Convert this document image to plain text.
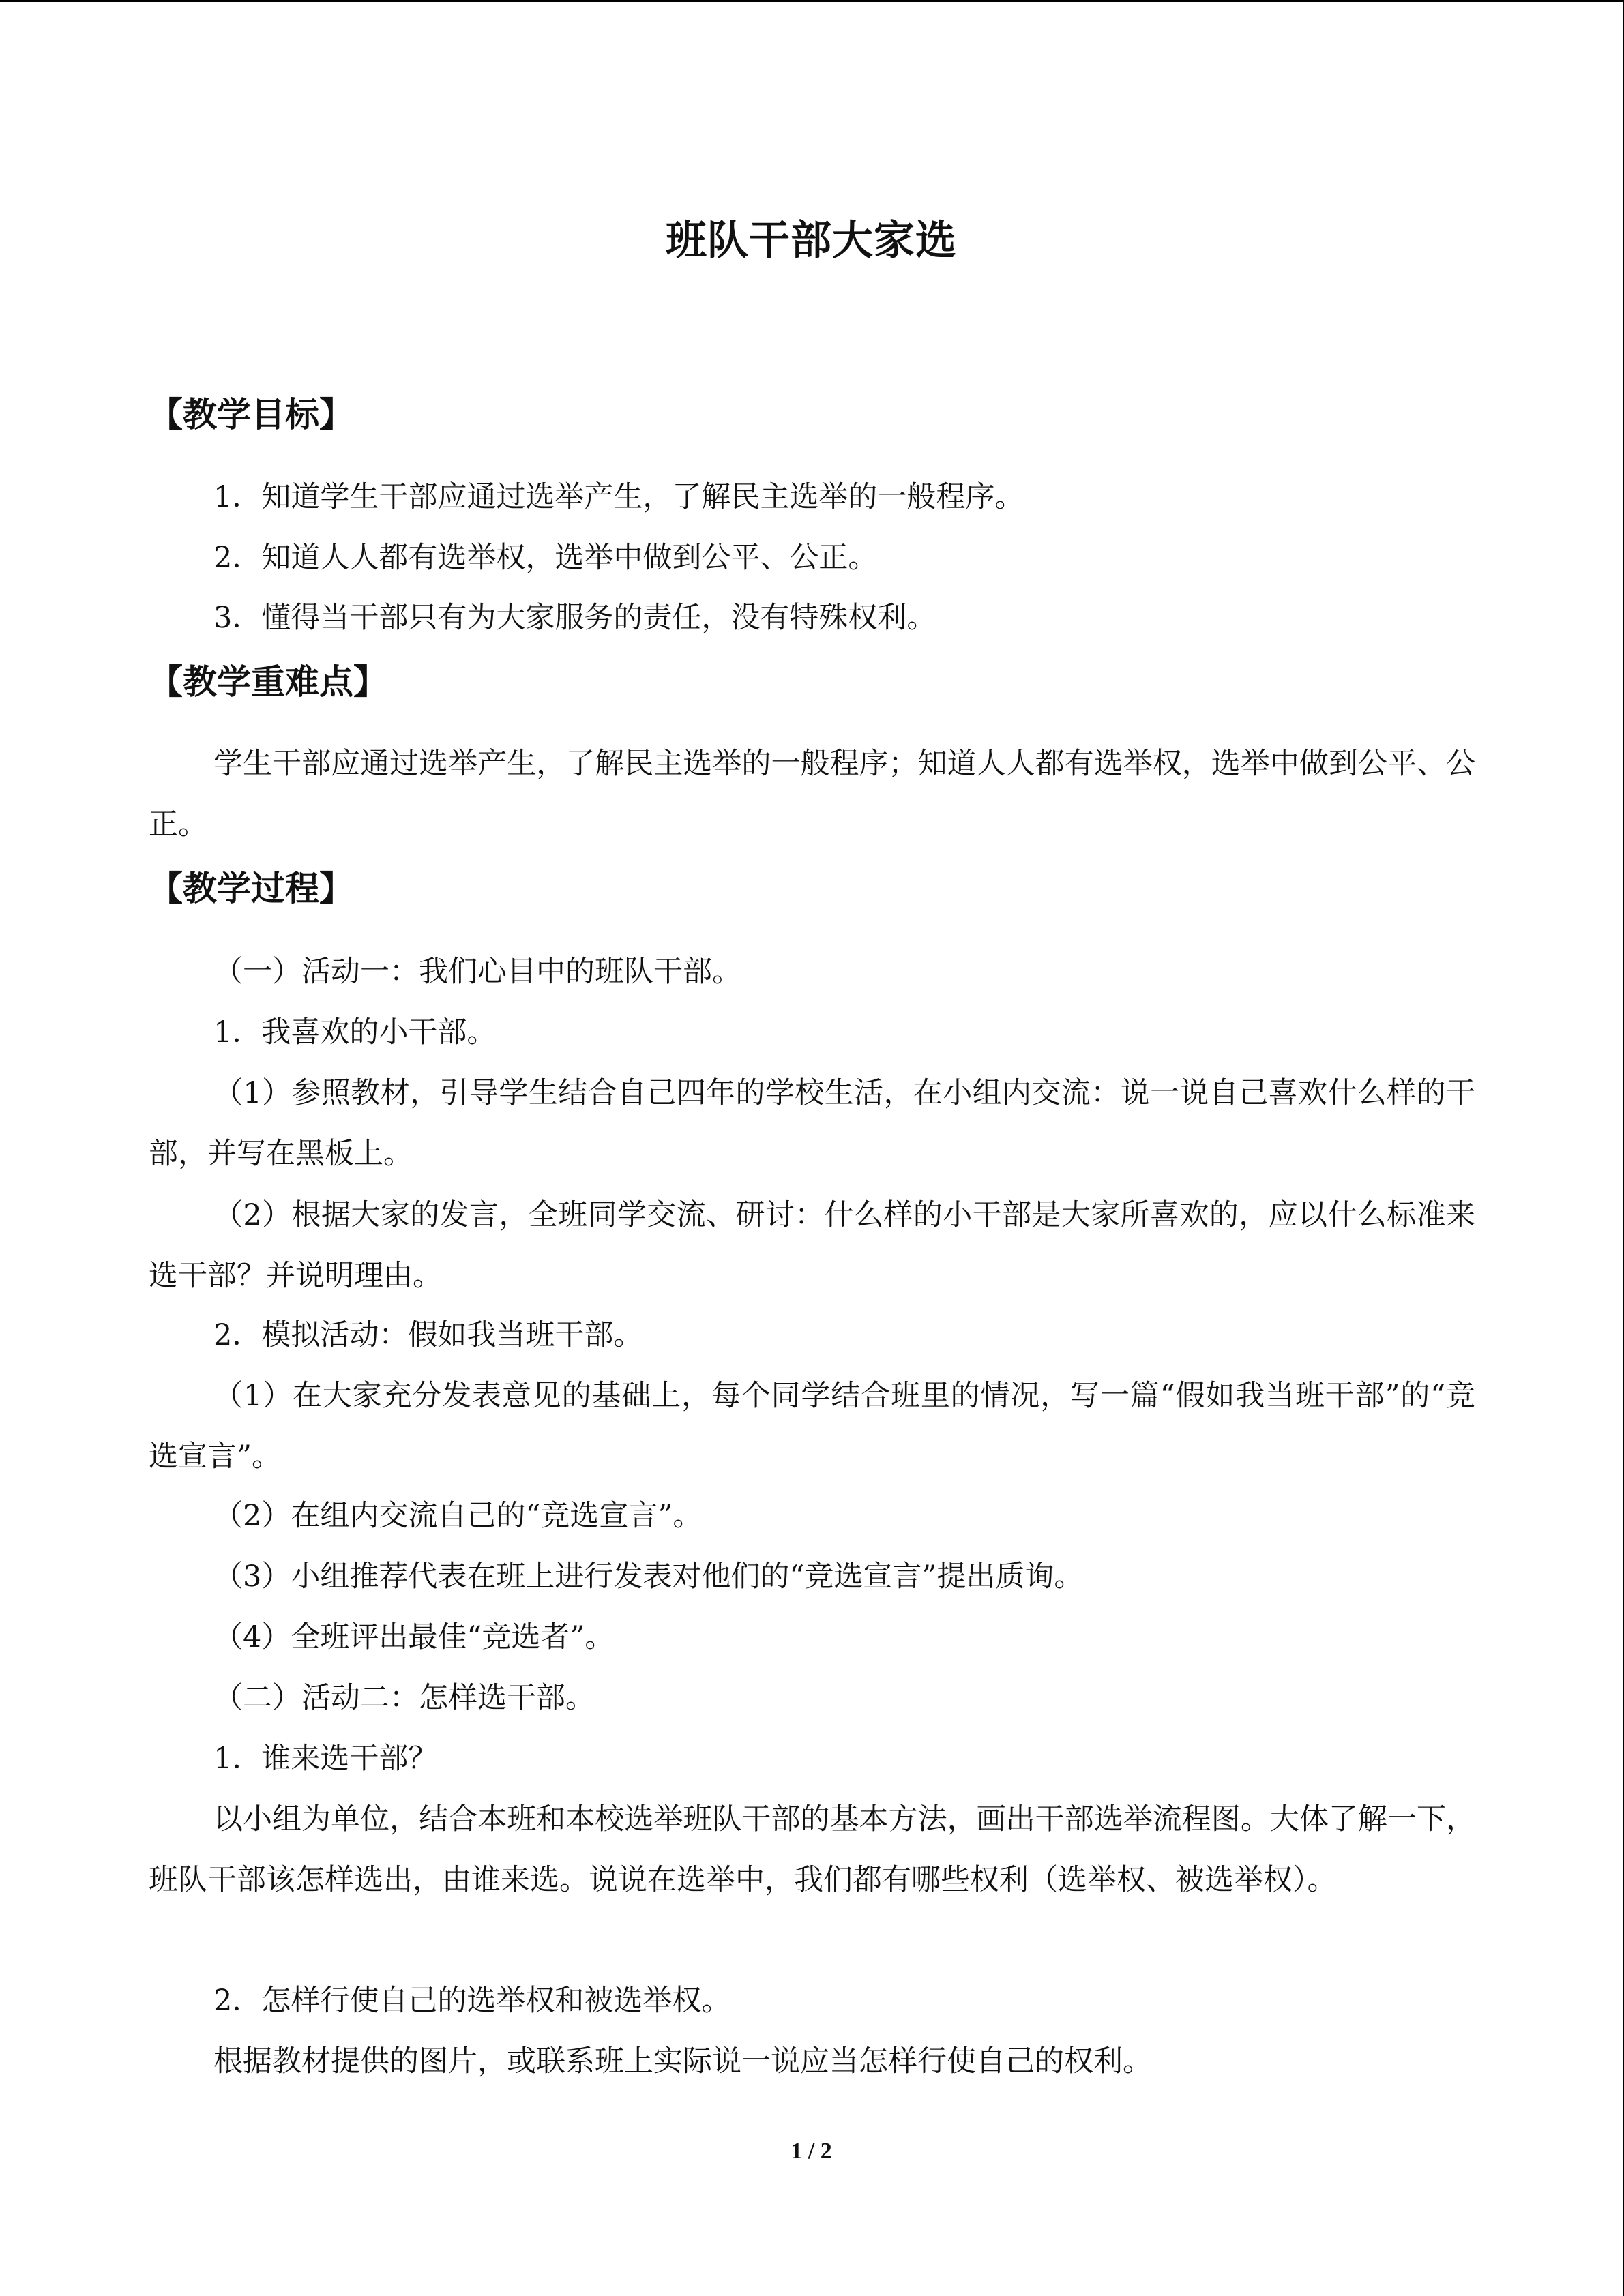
班队干部大家选
【教学目标】
1．知道学生干部应通过选举产生，了解民主选举的一般程序。
2．知道人人都有选举权，选举中做到公平、公正。
3．懂得当干部只有为大家服务的责任，没有特殊权利。
【教学重难点】
学生干部应通过选举产生，了解民主选举的一般程序；知道人人都有选举权，选举中做到公平、公正。
【教学过程】
（一）活动一：我们心目中的班队干部。
1．我喜欢的小干部。
（1）参照教材，引导学生结合自己四年的学校生活，在小组内交流：说一说自己喜欢什么样的干部，并写在黑板上。
（2）根据大家的发言，全班同学交流、研讨：什么样的小干部是大家所喜欢的，应以什么标准来选干部？并说明理由。
2．模拟活动：假如我当班干部。
（1）在大家充分发表意见的基础上，每个同学结合班里的情况，写一篇“假如我当班干部”的“竞选宣言”。
（2）在组内交流自己的“竞选宣言”。
（3）小组推荐代表在班上进行发表对他们的“竞选宣言”提出质询。
（4）全班评出最佳“竞选者”。
（二）活动二：怎样选干部。
1．谁来选干部？
以小组为单位，结合本班和本校选举班队干部的基本方法，画出干部选举流程图。大体了解一下，班队干部该怎样选出，由谁来选。说说在选举中，我们都有哪些权利（选举权、被选举权）。
2．怎样行使自己的选举权和被选举权。
根据教材提供的图片，或联系班上实际说一说应当怎样行使自己的权利。
1 / 2
